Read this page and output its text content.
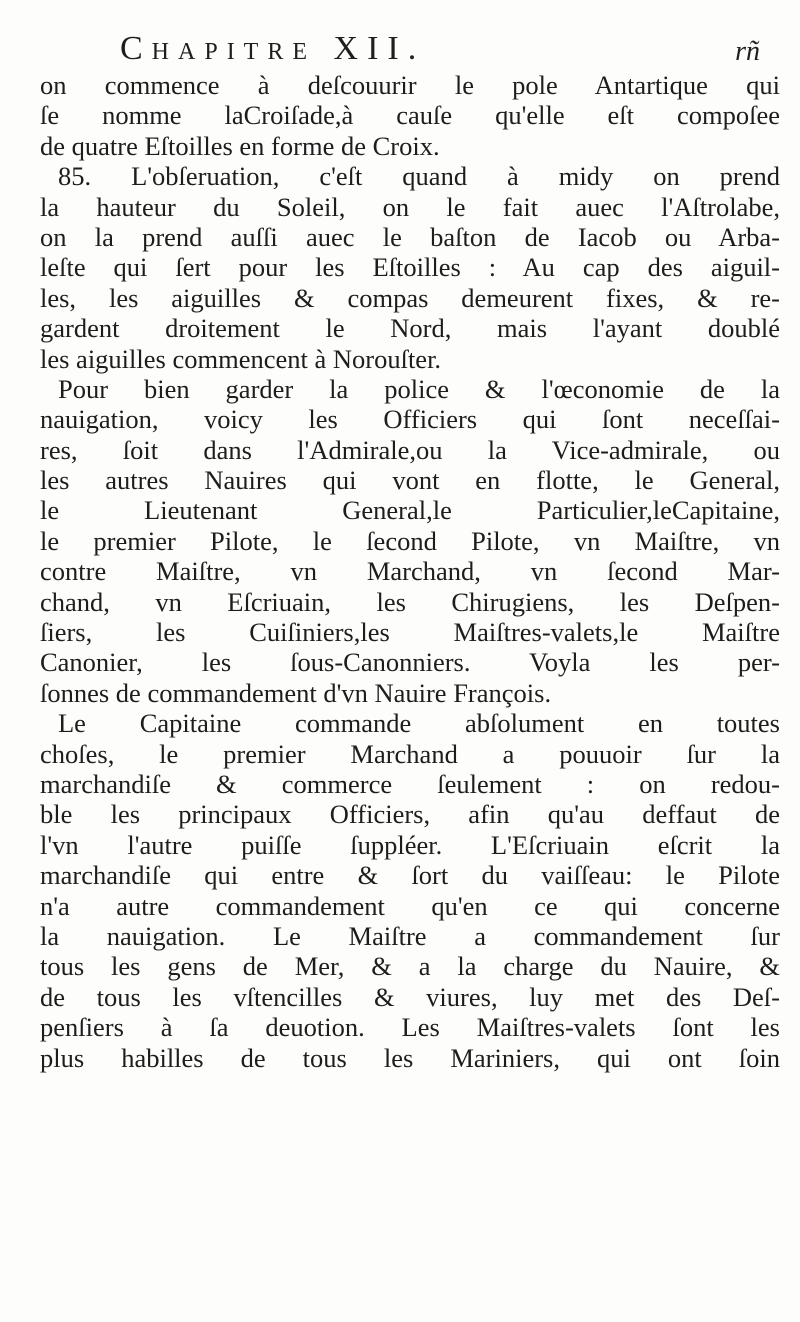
Chapitre XII.	rñ
on commence à deſcouurir le pole Antartique qui
ſe nomme laCroiſade,à cauſe qu'elle eſt compoſee
de quatre Eſtoilles en forme de Croix.
85. L'obſeruation, c'eſt quand à midy on prend
la hauteur du Soleil, on le fait auec l'Aſtrolabe,
on la prend auſſi auec le baſton de Iacob ou Arba-
leſte qui ſert pour les Eſtoilles : Au cap des aiguil-
les, les aiguilles & compas demeurent fixes, & re-
gardent droitement le Nord, mais l'ayant doublé
les aiguilles commencent à Norouſter.
Pour bien garder la police & l'œconomie de la
nauigation, voicy les Officiers qui ſont neceſſai-
res, ſoit dans l'Admirale,ou la Vice-admirale, ou
les autres Nauires qui vont en flotte, le General,
le Lieutenant General,le Particulier,leCapitaine,
le premier Pilote, le ſecond Pilote, vn Maiſtre, vn
contre Maiſtre, vn Marchand, vn ſecond Mar-
chand, vn Eſcriuain, les Chirugiens, les Deſpen-
ſiers, les Cuiſiniers,les Maiſtres-valets,le Maiſtre
Canonier, les ſous-Canonniers. Voyla les per-
ſonnes de commandement d'vn Nauire François.
Le Capitaine commande abſolument en toutes
choſes, le premier Marchand a pouuoir ſur la
marchandiſe & commerce ſeulement : on redou-
ble les principaux Officiers, afin qu'au deffaut de
l'vn l'autre puiſſe ſuppléer. L'Eſcriuain eſcrit la
marchandiſe qui entre & ſort du vaiſſeau: le Pilote
n'a autre commandement qu'en ce qui concerne
la nauigation. Le Maiſtre a commandement ſur
tous les gens de Mer, & a la charge du Nauire, &
de tous les vſtencilles & viures, luy met des Deſ-
penſiers à ſa deuotion. Les Maiſtres-valets ſont les
plus habilles de tous les Mariniers, qui ont ſoin
